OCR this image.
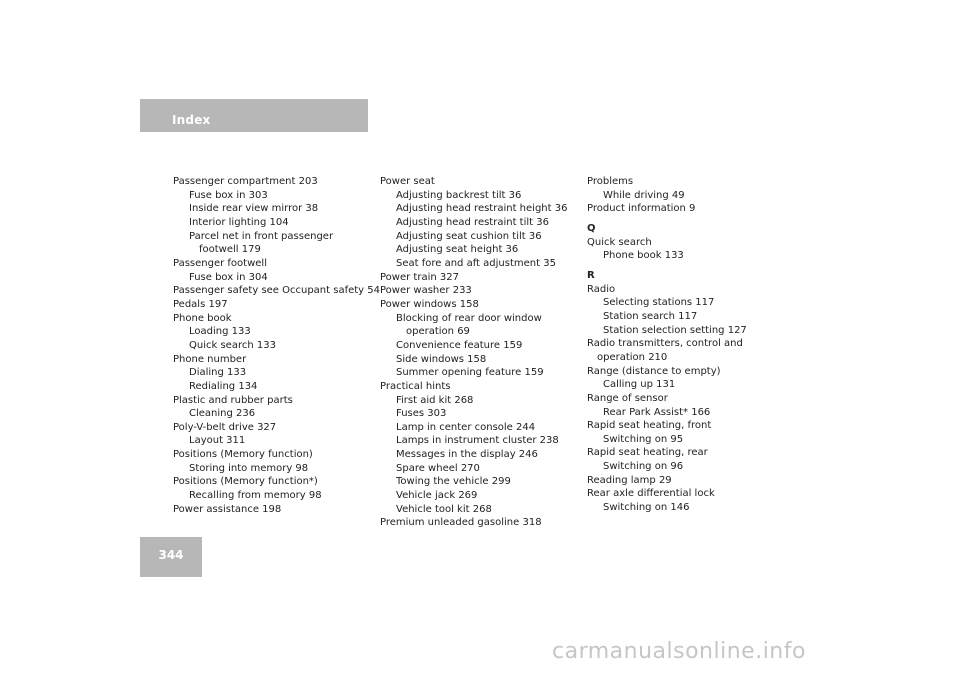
Index
Passenger compartment 203
Fuse box in 303
Inside rear view mirror 38
Interior lighting 104
Parcel net in front passenger
footwell 179
Passenger footwell
Fuse box in 304
Passenger safety see Occupant safety 54
Pedals 197
Phone book
Loading 133
Quick search 133
Phone number
Dialing 133
Redialing 134
Plastic and rubber parts
Cleaning 236
Poly-V-belt drive 327
Layout 311
Positions (Memory function)
Storing into memory 98
Positions (Memory function*)
Recalling from memory 98
Power assistance 198
Power seat
Adjusting backrest tilt 36
Adjusting head restraint height 36
Adjusting head restraint tilt 36
Adjusting seat cushion tilt 36
Adjusting seat height 36
Seat fore and aft adjustment 35
Power train 327
Power washer 233
Power windows 158
Blocking of rear door window
operation 69
Convenience feature 159
Side windows 158
Summer opening feature 159
Practical hints
First aid kit 268
Fuses 303
Lamp in center console 244
Lamps in instrument cluster 238
Messages in the display 246
Spare wheel 270
Towing the vehicle 299
Vehicle jack 269
Vehicle tool kit 268
Premium unleaded gasoline 318
Problems
While driving 49
Product information 9
Q
Quick search
Phone book 133
R
Radio
Selecting stations 117
Station search 117
Station selection setting 127
Radio transmitters, control and
operation 210
Range (distance to empty)
Calling up 131
Range of sensor
Rear Park Assist* 166
Rapid seat heating, front
Switching on 95
Rapid seat heating, rear
Switching on 96
Reading lamp 29
Rear axle differential lock
Switching on 146
344
carmanualsonline.info
